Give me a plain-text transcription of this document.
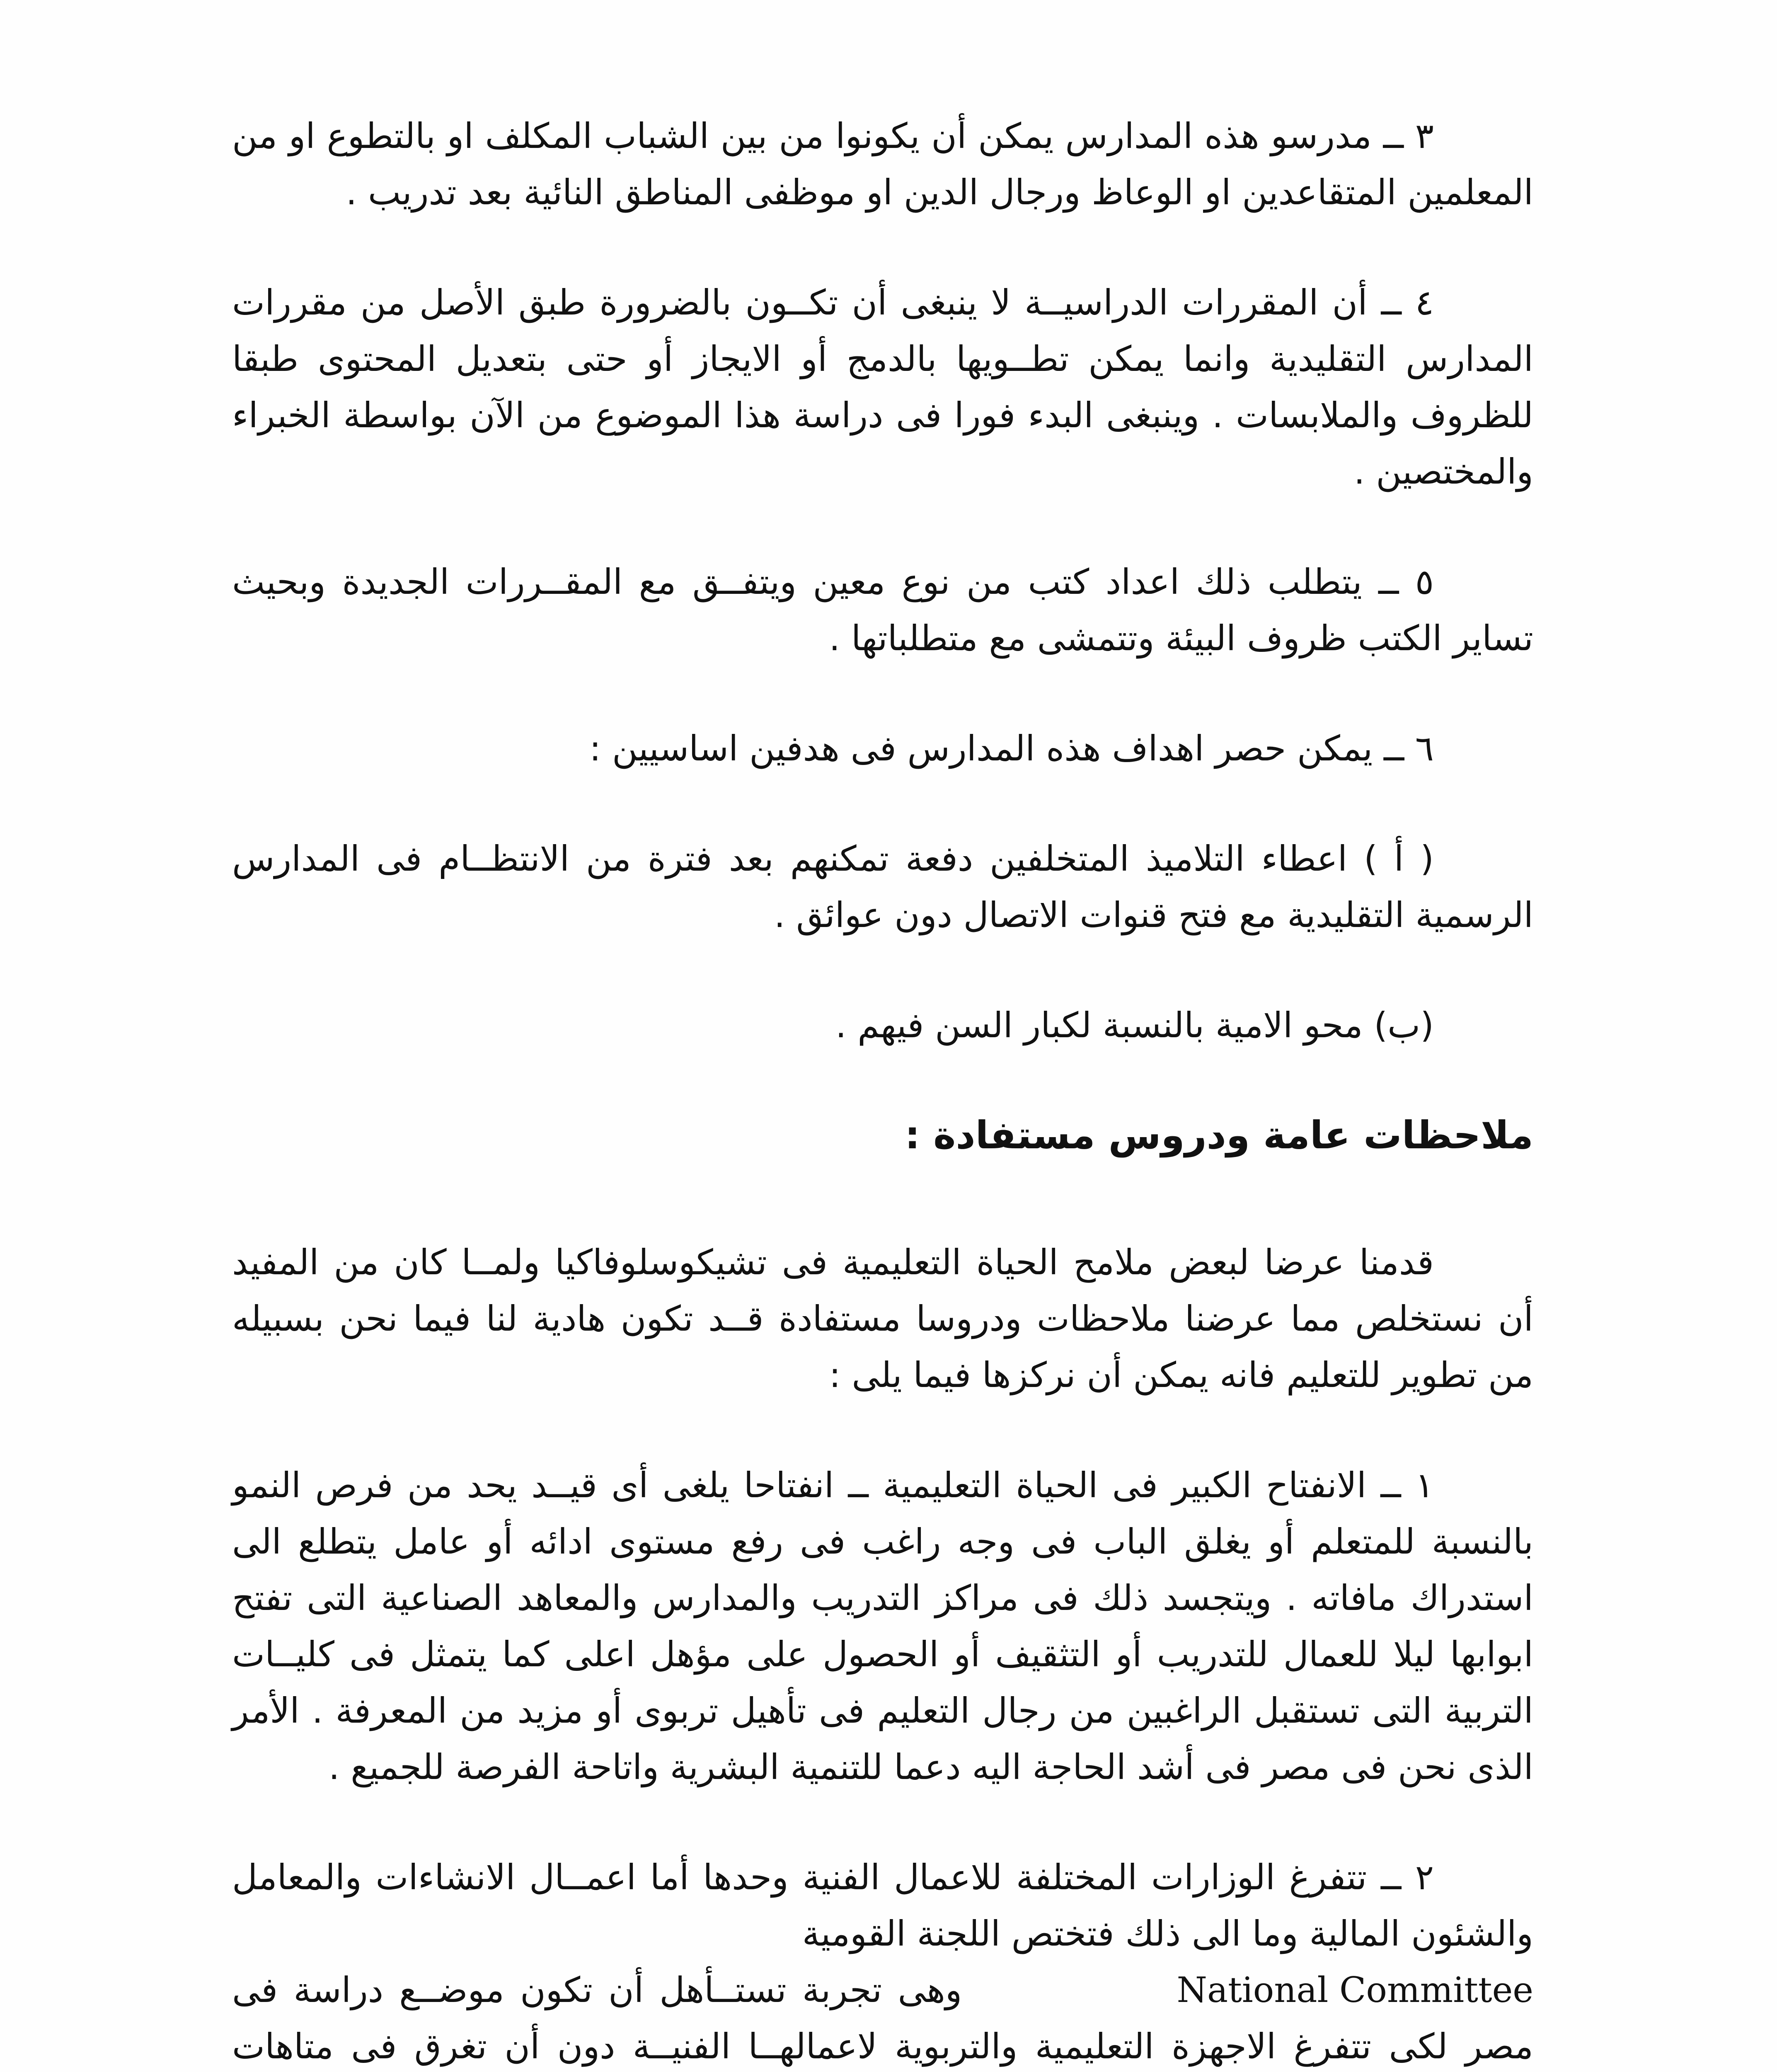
٣ ــ مدرسو هذه المدارس يمكن أن يكونوا من بين الشباب المكلف او بالتطوع او من المعلمين المتقاعدين او الوعاظ ورجال الدين او موظفى المناطق النائية بعد تدريب .

٤ ــ أن المقررات الدراسيــة لا ينبغى أن تكــون بالضرورة طبق الأصل من مقررات المدارس التقليدية وانما يمكن تطــويها بالدمج أو الايجاز أو حتى بتعديل المحتوى طبقا للظروف والملابسات . وينبغى البدء فورا فى دراسة هذا الموضوع من الآن بواسطة الخبراء والمختصين .

٥ ــ يتطلب ذلك اعداد كتب من نوع معين ويتفــق مع المقــررات الجديدة وبحيث تساير الكتب ظروف البيئة وتتمشى مع متطلباتها .

٦ ــ يمكن حصر اهداف هذه المدارس فى هدفين اساسيين :

( أ ) اعطاء التلاميذ المتخلفين دفعة تمكنهم بعد فترة من الانتظــام فى المدارس الرسمية التقليدية مع فتح قنوات الاتصال دون عوائق .

(ب) محو الامية بالنسبة لكبار السن فيهم .

ملاحظات عامة ودروس مستفادة :

قدمنا عرضا لبعض ملامح الحياة التعليمية فى تشيكوسلوفاكيا ولمــا كان من المفيد أن نستخلص مما عرضنا ملاحظات ودروسا مستفادة قــد تكون هادية لنا فيما نحن بسبيله من تطوير للتعليم فانه يمكن أن نركزها فيما يلى :

١ ــ الانفتاح الكبير فى الحياة التعليمية ــ انفتاحا يلغى أى قيــد يحد من فرص النمو بالنسبة للمتعلم أو يغلق الباب فى وجه راغب فى رفع مستوى ادائه أو عامل يتطلع الى استدراك مافاته . ويتجسد ذلك فى مراكز التدريب والمدارس والمعاهد الصناعية التى تفتح ابوابها ليلا للعمال للتدريب أو التثقيف أو الحصول على مؤهل اعلى كما يتمثل فى كليــات التربية التى تستقبل الراغبين من رجال التعليم فى تأهيل تربوى أو مزيد من المعرفة . الأمر الذى نحن فى مصر فى أشد الحاجة اليه دعما للتنمية البشرية واتاحة الفرصة للجميع .

٢ ــ تتفرغ الوزارات المختلفة للاعمال الفنية وحدها أما اعمــال الانشاءات والمعامل والشئون المالية وما الى ذلك فتختص اللجنة القومية
National Committee وهى تجربة تستــأهل أن تكون موضــع دراسة فى مصر لكى تتفرغ الاجهزة التعليمية والتربوية لاعمالهــا الفنيــة دون أن تغرق فى متاهات
